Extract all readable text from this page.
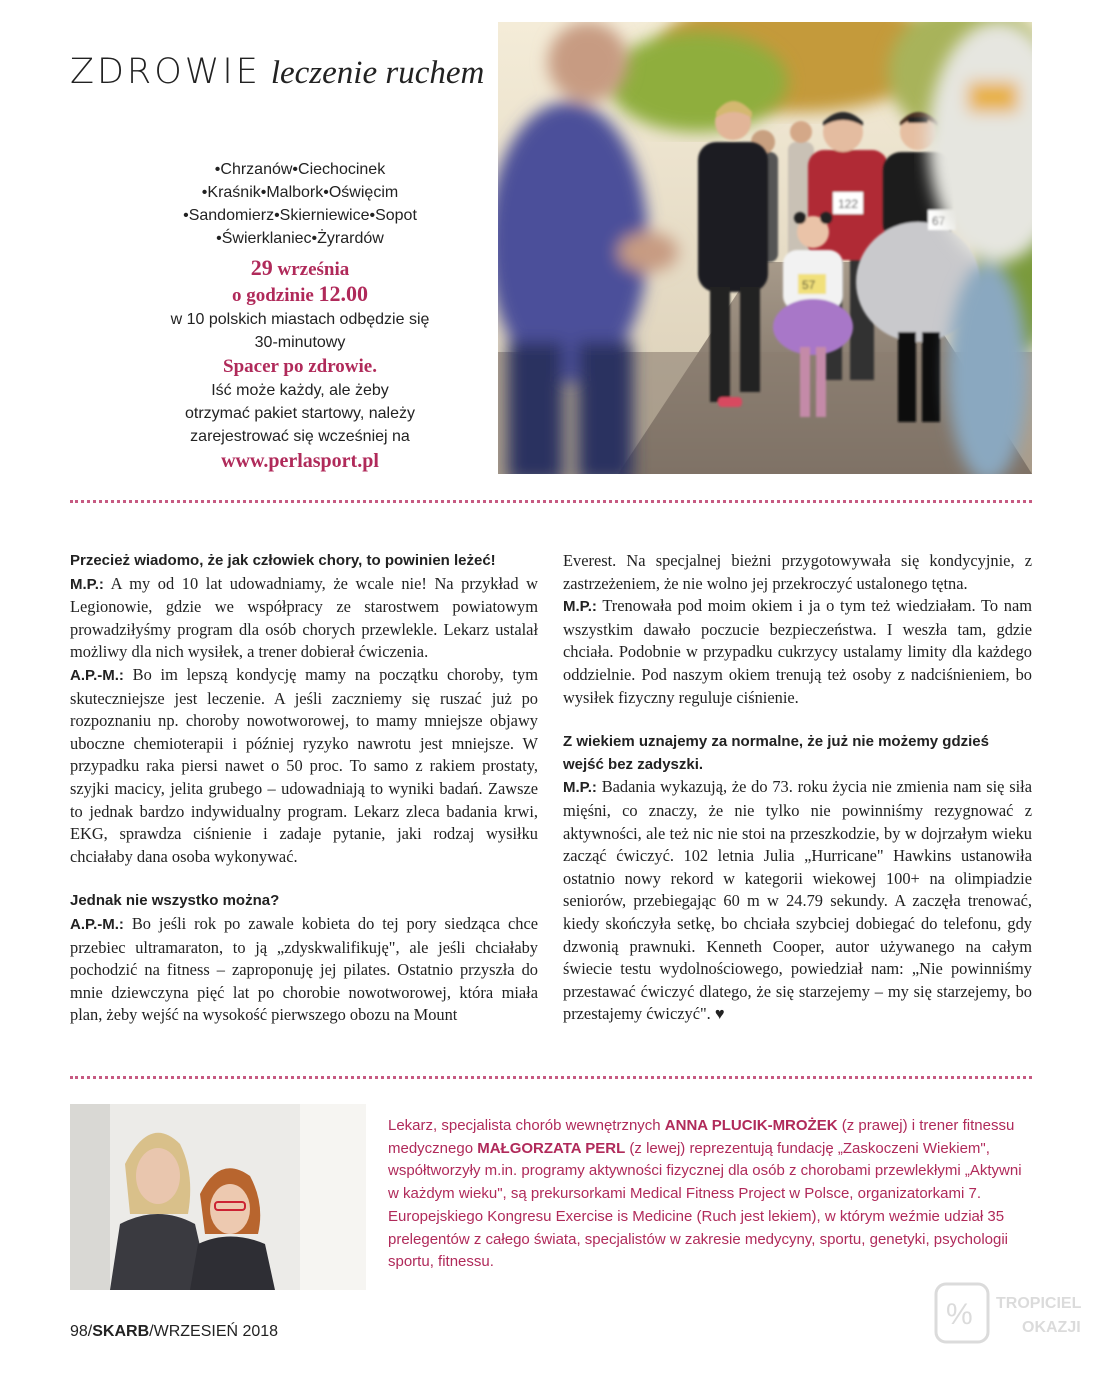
ZDROWIE leczenie ruchem
•Chrzanów•Ciechocinek
•Kraśnik•Malbork•Oświęcim
•Sandomierz•Skierniewice•Sopot
•Świerklaniec•Żyrardów
29 września
o godzinie 12.00
w 10 polskich miastach odbędzie się
30-minutowy
Spacer po zdrowie.
Iść może każdy, ale żeby
otrzymać pakiet startowy, należy
zarejestrować się wcześniej na
www.perlasport.pl
122
67
57

Przecież wiadomo, że jak człowiek chory, to powinien leżeć!

M.P.: A my od 10 lat udowadniamy, że wcale nie! Na przykład w Legionowie, gdzie we współpracy ze starostwem powiatowym prowadziłyśmy program dla osób chorych przewlekle. Lekarz ustalał możliwy dla nich wysiłek, a trener dobierał ćwiczenia.

A.P.-M.: Bo im lepszą kondycję mamy na początku choroby, tym skuteczniejsze jest leczenie. A jeśli zaczniemy się ruszać już po rozpoznaniu np. choroby nowotworowej, to mamy mniejsze objawy uboczne chemioterapii i później ryzyko nawrotu jest mniejsze. W przypadku raka piersi nawet o 50 proc. To samo z rakiem prostaty, szyjki macicy, jelita grubego – udowadniają to wyniki badań. Zawsze to jednak bardzo indywidualny program. Lekarz zleca badania krwi, EKG, sprawdza ciśnienie i zadaje pytanie, jaki rodzaj wysiłku chciałaby dana osoba wykonywać.

Jednak nie wszystko można?

A.P.-M.: Bo jeśli rok po zawale kobieta do tej pory siedząca chce przebiec ultramaraton, to ją „zdyskwalifikuję", ale jeśli chciałaby pochodzić na fitness – zaproponuję jej pilates. Ostatnio przyszła do mnie dziewczyna pięć lat po chorobie nowotworowej, która miała plan, żeby wejść na wysokość pierwszego obozu na Mount

Everest. Na specjalnej bieżni przygotowywała się kondycyjnie, z zastrzeżeniem, że nie wolno jej przekroczyć ustalonego tętna.

M.P.: Trenowała pod moim okiem i ja o tym też wiedziałam. To nam wszystkim dawało poczucie bezpieczeństwa. I weszła tam, gdzie chciała. Podobnie w przypadku cukrzycy ustalamy limity dla każdego oddzielnie. Pod naszym okiem trenują też osoby z nadciśnieniem, bo wysiłek fizyczny reguluje ciśnienie.

Z wiekiem uznajemy za normalne, że już nie możemy gdzieś wejść bez zadyszki.

M.P.: Badania wykazują, że do 73. roku życia nie zmienia nam się siła mięśni, co znaczy, że nie tylko nie powinniśmy rezygnować z aktywności, ale też nic nie stoi na przeszkodzie, by w dojrzałym wieku zacząć ćwiczyć. 102 letnia Julia „Hurricane" Hawkins ustanowiła ostatnio nowy rekord w kategorii wiekowej 100+ na olimpiadzie seniorów, przebiegając 60 m w 24.79 sekundy. A zaczęła trenować, kiedy skończyła setkę, bo chciała szybciej dobiegać do telefonu, gdy dzwonią prawnuki. Kenneth Cooper, autor używanego na całym świecie testu wydolnościowego, powiedział nam: „Nie powinniśmy przestawać ćwiczyć dlatego, że się starzejemy – my się starzejemy, bo przestajemy ćwiczyć". ♥

Lekarz, specjalista chorób wewnętrznych ANNA PLUCIK-MROŻEK (z prawej) i trener fitnessu medycznego MAŁGORZATA PERL (z lewej) reprezentują fundację „Zaskoczeni Wiekiem", współtworzyły m.in. programy aktywności fizycznej dla osób z chorobami przewlekłymi „Aktywni w każdym wieku", są prekursorkami Medical Fitness Project w Polsce, organizatorkami 7. Europejskiego Kongresu Exercise is Medicine (Ruch jest lekiem), w którym weźmie udział 35 prelegentów z całego świata, specjalistów w zakresie medycyny, sportu, genetyki, psychologii sportu, fitnessu.
98/SKARB/WRZESIEŃ 2018
% TROPICIEL
OKAZJI
